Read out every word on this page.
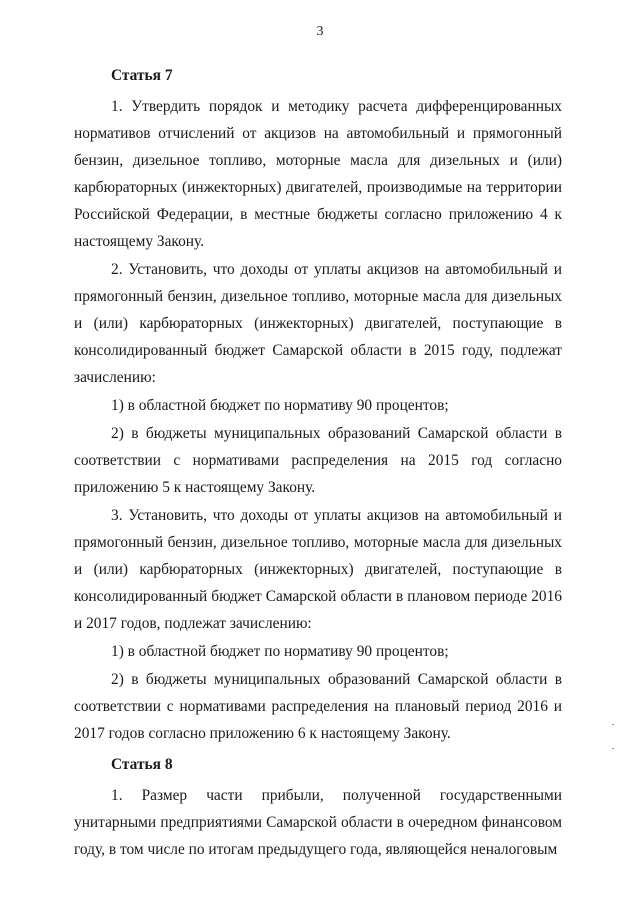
3

Статья 7

1. Утвердить порядок и методику расчета дифференцированных нормативов отчислений от акцизов на автомобильный и прямогонный бензин, дизельное топливо, моторные масла для дизельных и (или) карбюраторных (инжекторных) двигателей, производимые на территории Российской Федерации, в местные бюджеты согласно приложению 4 к настоящему Закону.

2. Установить, что доходы от уплаты акцизов на автомобильный и прямогонный бензин, дизельное топливо, моторные масла для дизельных и (или) карбюраторных (инжекторных) двигателей, поступающие в консолидированный бюджет Самарской области в 2015 году, подлежат зачислению:

1) в областной бюджет по нормативу 90 процентов;

2) в бюджеты муниципальных образований Самарской области в соответствии с нормативами распределения на 2015 год согласно приложению 5 к настоящему Закону.

3. Установить, что доходы от уплаты акцизов на автомобильный и прямогонный бензин, дизельное топливо, моторные масла для дизельных и (или) карбюраторных (инжекторных) двигателей, поступающие в консолидированный бюджет Самарской области в плановом периоде 2016 и 2017 годов, подлежат зачислению:

1) в областной бюджет по нормативу 90 процентов;

2) в бюджеты муниципальных образований Самарской области в соответствии с нормативами распределения на плановый период 2016 и 2017 годов согласно приложению 6 к настоящему Закону.

Статья 8

1. Размер части прибыли, полученной государственными унитарными предприятиями Самарской области в очередном финансовом году, в том числе по итогам предыдущего года, являющейся неналоговым
